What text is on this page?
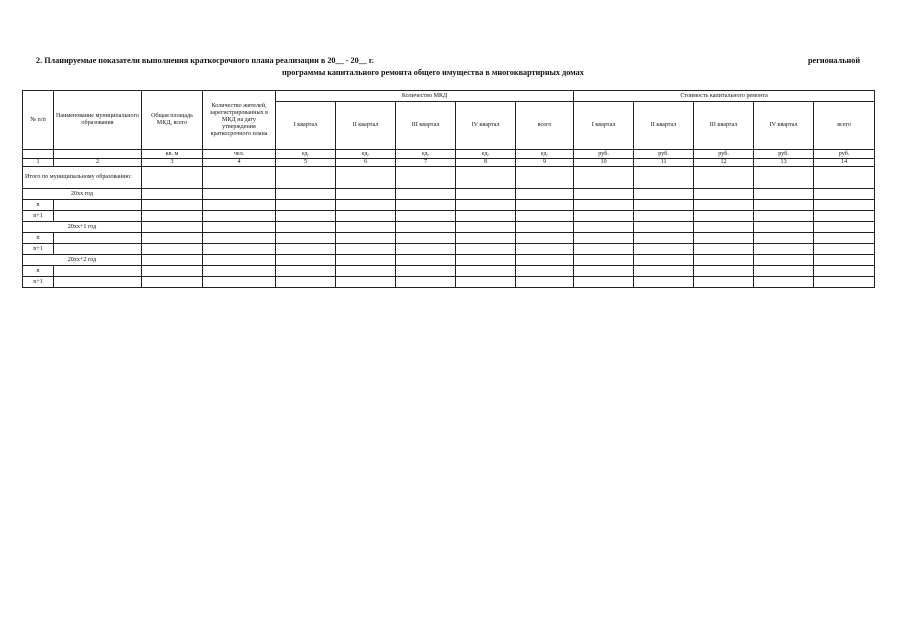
2. Планируемые показатели выполнения краткосрочного плана реализации в 20__ - 20__ г.	региональной
программы капитального ремонта общего имущества в многоквартирных домах
№ п/п	Наименование муниципального образования	Общая площадь МКД, всего	Количество жителей, зарегистрированных в МКД на дату утверждения краткосрочного плана	Количество МКД					Стоимость капитального ремонта				
				I квартал	II квартал	III квартал	IV квартал	всего	I квартал	II квартал	III квартал	IV квартал	всего
		кв. м	чел.	ед.	ед.	ед.	ед.	ед.	руб.	руб.	руб.	руб.	руб.
1	2	3	4	5	6	7	8	9	10	11	12	13	14
Итого по муниципальному образованию:													
20хх год													
n													
n+1													
20хх+1 год													
n													
n+1													
20хх+2 год													
n													
n+1													
